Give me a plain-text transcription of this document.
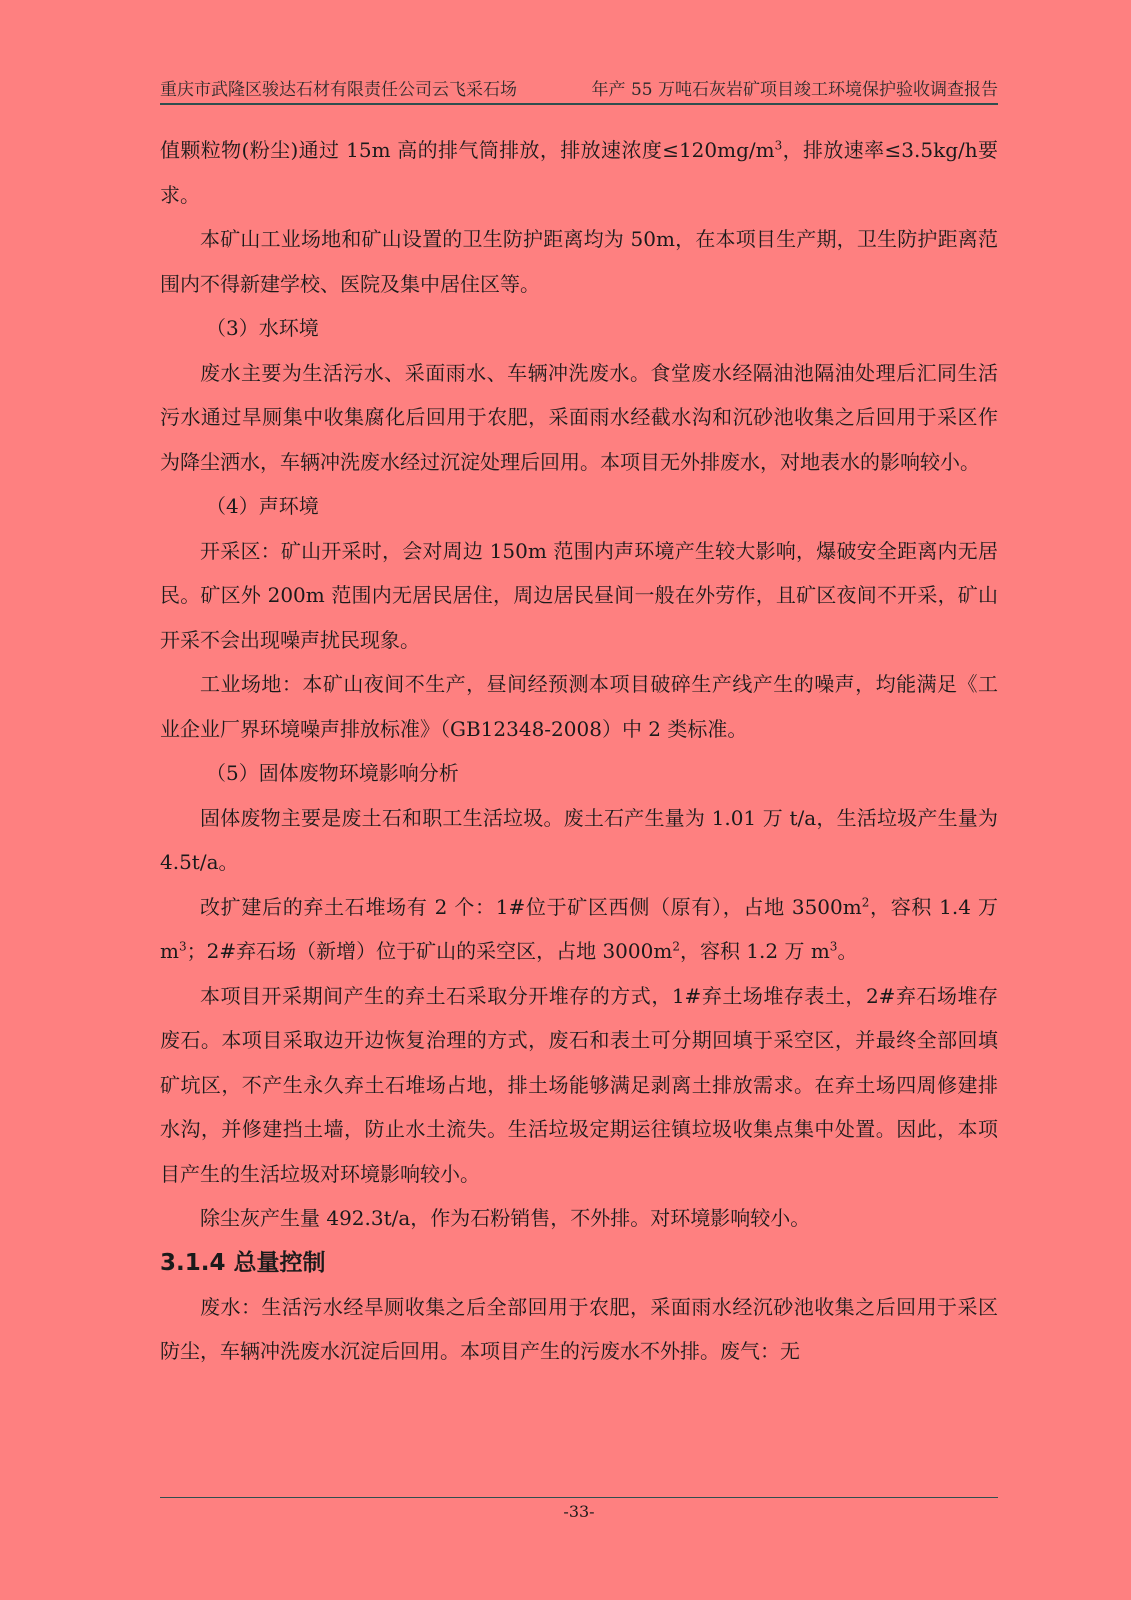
重庆市武隆区骏达石材有限责任公司云飞采石场	年产 55 万吨石灰岩矿项目竣工环境保护验收调查报告

值颗粒物(粉尘)通过 15m 高的排气筒排放，排放速浓度$\le 120mg/m^3$，排放速率≤3.5kg/h要求。

本矿山工业场地和矿山设置的卫生防护距离均为 50m，在本项目生产期，卫生防护距离范围内不得新建学校、医院及集中居住区等。

（3）水环境

废水主要为生活污水、采面雨水、车辆冲洗废水。食堂废水经隔油池隔油处理后汇同生活污水通过旱厕集中收集腐化后回用于农肥，采面雨水经截水沟和沉砂池收集之后回用于采区作为降尘洒水，车辆冲洗废水经过沉淀处理后回用。本项目无外排废水，对地表水的影响较小。

（4）声环境

开采区：矿山开采时，会对周边 150m 范围内声环境产生较大影响，爆破安全距离内无居民。矿区外 200m 范围内无居民居住，周边居民昼间一般在外劳作，且矿区夜间不开采，矿山开采不会出现噪声扰民现象。

工业场地：本矿山夜间不生产，昼间经预测本项目破碎生产线产生的噪声，均能满足《工业企业厂界环境噪声排放标准》（GB12348-2008）中 2 类标准。

（5）固体废物环境影响分析

固体废物主要是废土石和职工生活垃圾。废土石产生量为 1.01 万 t/a，生活垃圾产生量为 4.5t/a。

改扩建后的弃土石堆场有 2 个：1#位于矿区西侧（原有），占地 $3500m^2$，容积 1.4 万 $m^3$；2#弃石场（新增）位于矿山的采空区，占地 $3000m^2$，容积 1.2 万 $m^3$。

本项目开采期间产生的弃土石采取分开堆存的方式，1#弃土场堆存表土，2#弃石场堆存废石。本项目采取边开边恢复治理的方式，废石和表土可分期回填于采空区，并最终全部回填矿坑区，不产生永久弃土石堆场占地，排土场能够满足剥离土排放需求。在弃土场四周修建排水沟，并修建挡土墙，防止水土流失。生活垃圾定期运往镇垃圾收集点集中处置。因此，本项目产生的生活垃圾对环境影响较小。

除尘灰产生量 492.3t/a，作为石粉销售，不外排。对环境影响较小。

3.1.4 总量控制

废水：生活污水经旱厕收集之后全部回用于农肥，采面雨水经沉砂池收集之后回用于采区防尘，车辆冲洗废水沉淀后回用。本项目产生的污废水不外排。废气：无

-33-
